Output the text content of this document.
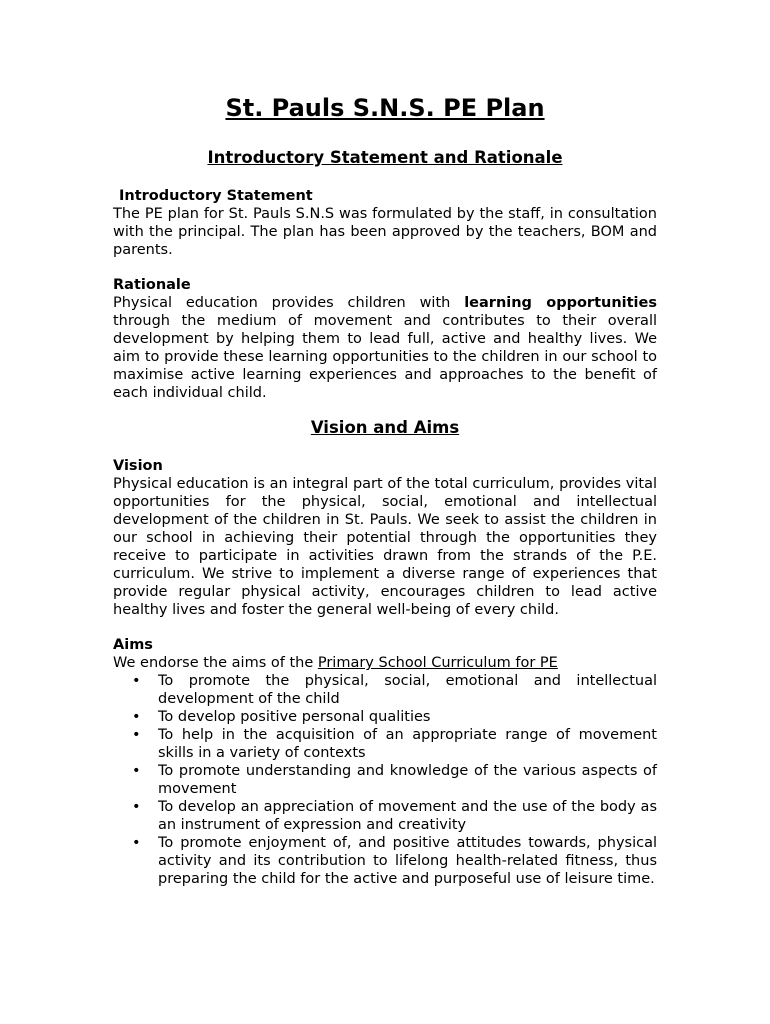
St. Pauls S.N.S. PE Plan
Introductory Statement and Rationale
Introductory Statement

The PE plan for St. Pauls S.N.S was formulated by the staff, in consultation with the principal. The plan has been approved by the teachers, BOM and parents.

Rationale

Physical education provides children with learning opportunities through the medium of movement and contributes to their overall development by helping them to lead full, active and healthy lives. We aim to provide these learning opportunities to the children in our school to maximise active learning experiences and approaches to the benefit of each individual child.

Vision and Aims
Vision

Physical education is an integral part of the total curriculum, provides vital opportunities for the physical, social, emotional and intellectual development of the children in St. Pauls. We seek to assist the children in our school in achieving their potential through the opportunities they receive to participate in activities drawn from the strands of the P.E. curriculum. We strive to implement a diverse range of experiences that provide regular physical activity, encourages children to lead active healthy lives and foster the general well-being of every child.

Aims

We endorse the aims of the Primary School Curriculum for PE

• To promote the physical, social, emotional and intellectual development of the child
• To develop positive personal qualities
• To help in the acquisition of an appropriate range of movement skills in a variety of contexts
• To promote understanding and knowledge of the various aspects of movement
• To develop an appreciation of movement and the use of the body as an instrument of expression and creativity
• To promote enjoyment of, and positive attitudes towards, physical activity and its contribution to lifelong health-related fitness, thus preparing the child for the active and purposeful use of leisure time.
